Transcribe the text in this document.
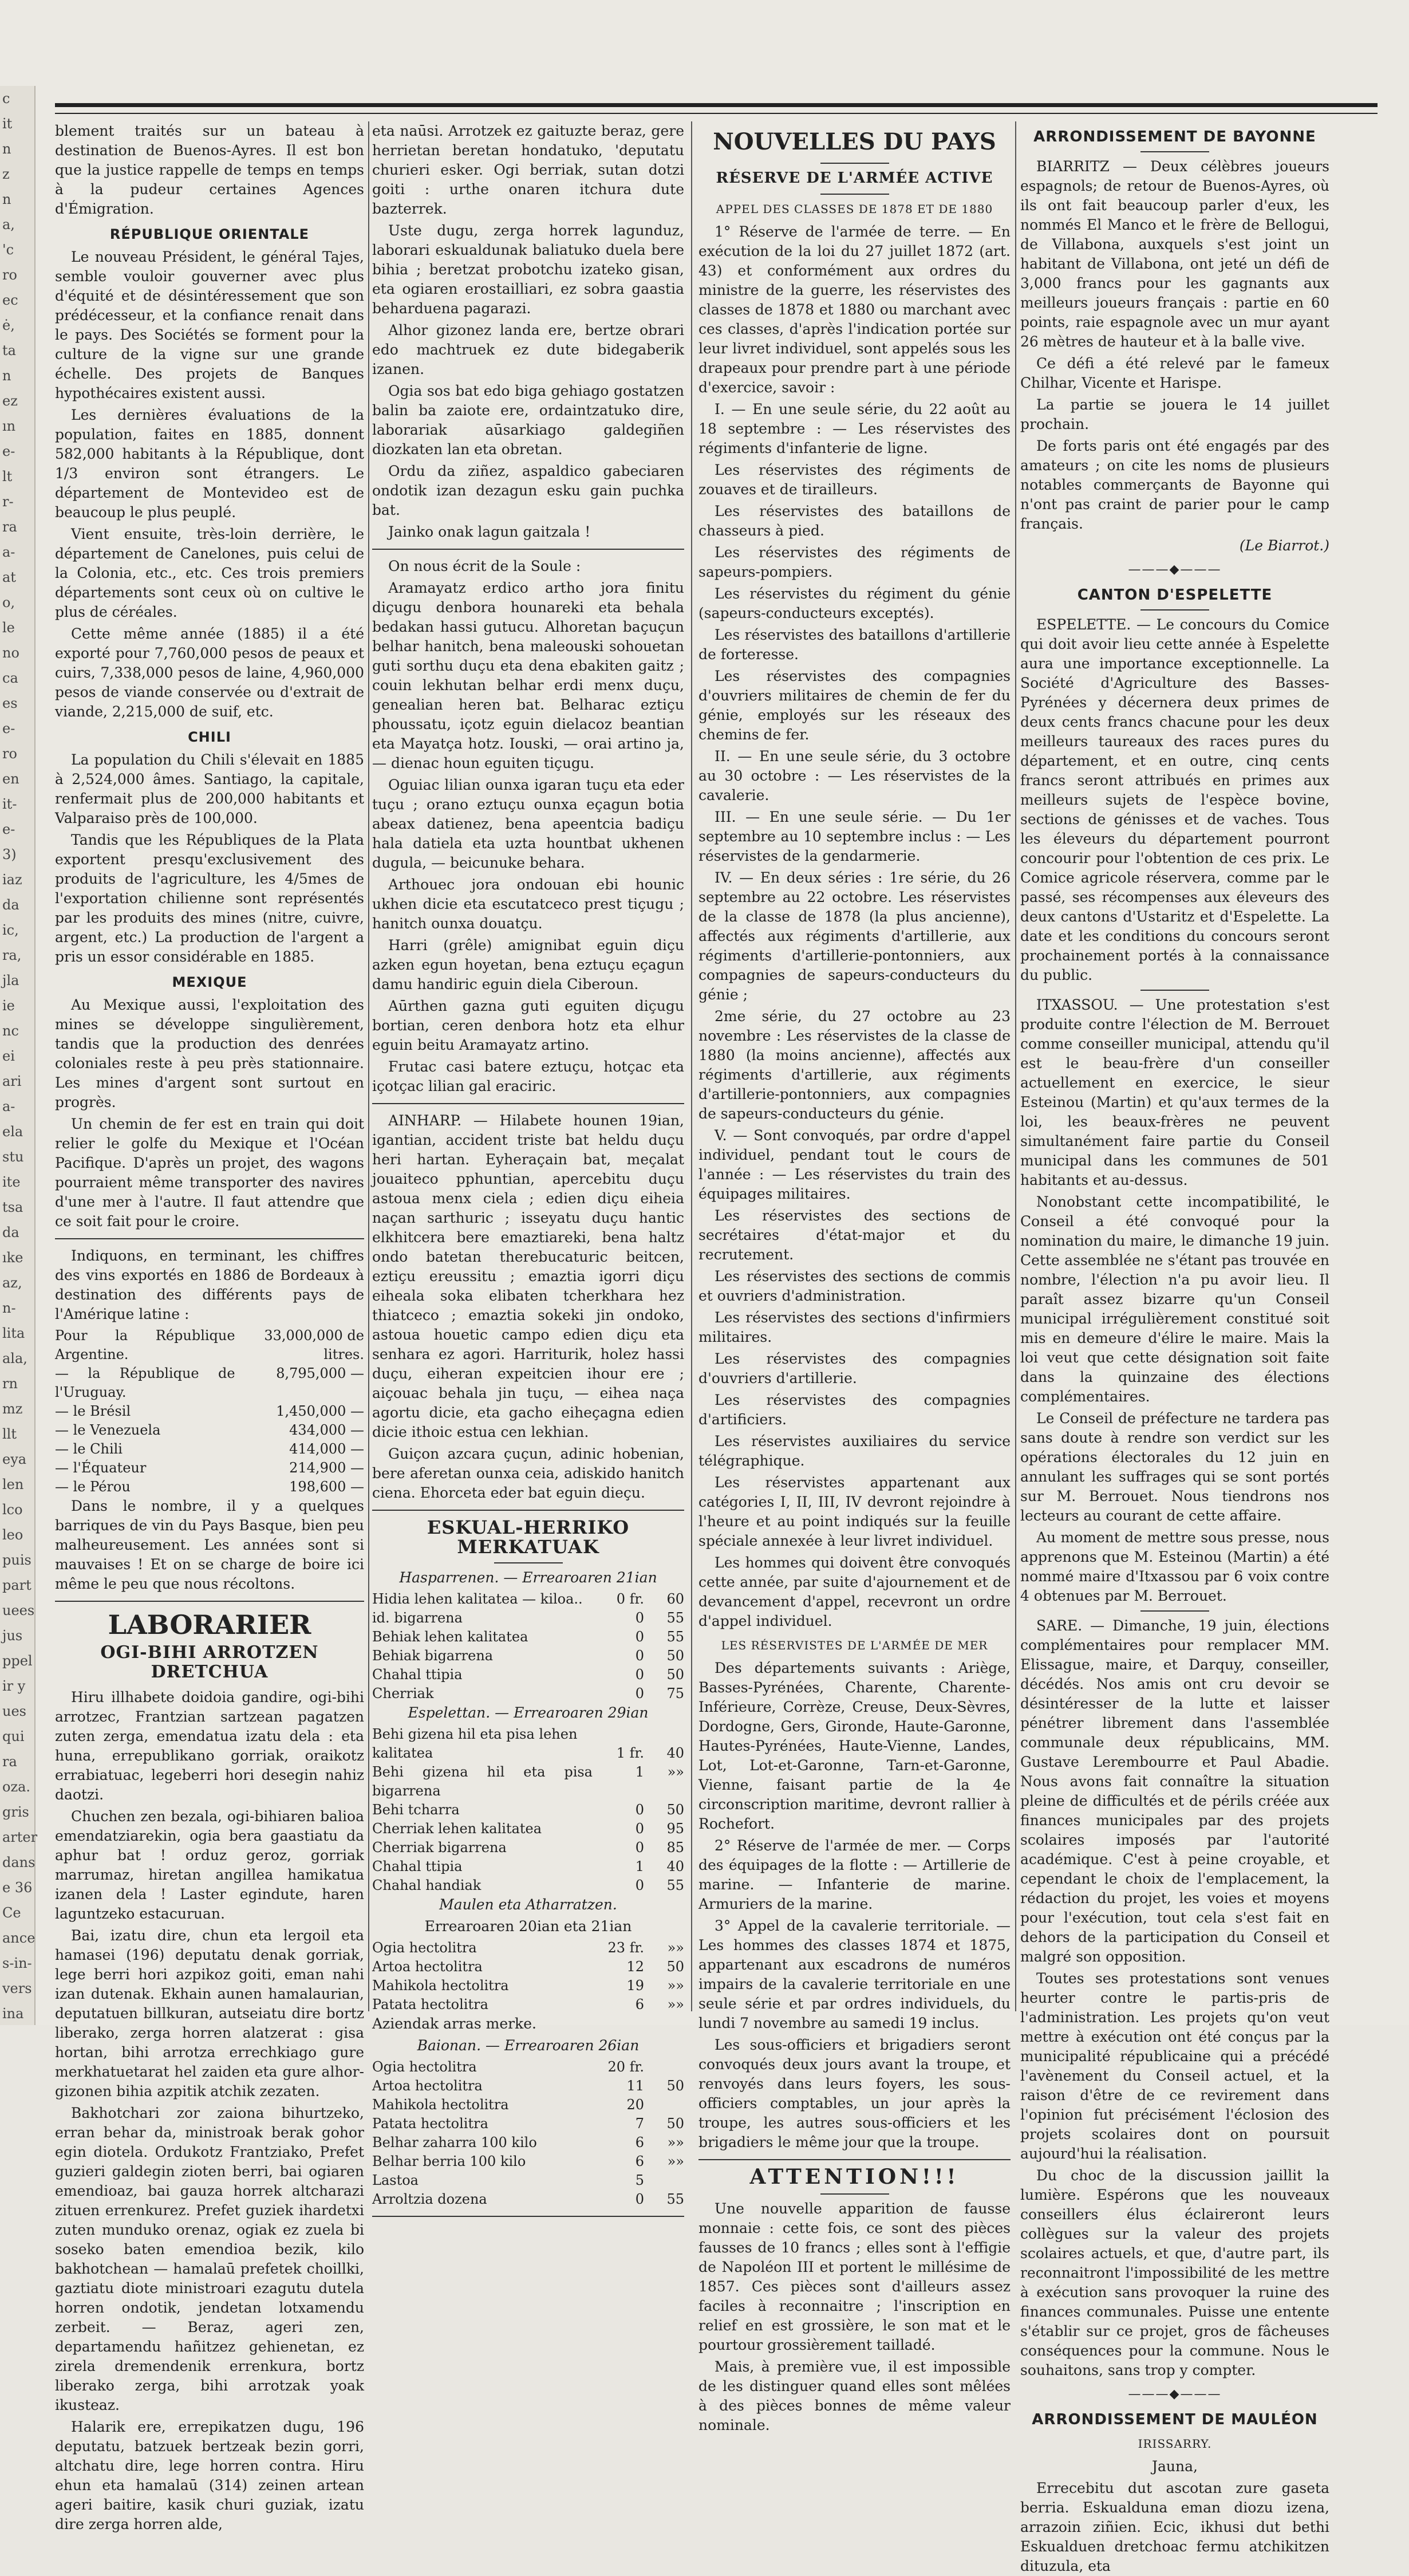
c
it
n
z
n
a,
'c
ro
ec
ė,
ta
n
ez
ın
e-
lt
r-
ra
a-
at
o,
le
no
ca
es
e-
ro
en
it-
e-
3)
iaz
da
ic,
ra,
jla
ie
nc
ei
ari
a-
ela
stu
ite
tsa
da
ıke
az,
n-
lita
ala,
rn
mz
llt
eya
len
lco
leo
puis
part
uees
jus
ppel
ir y
ues
qui
ra
oza.
gris
arter
dans
e 36
Ce
ance
s-in-
vers
ina

blement traités sur un bateau à destination de Buenos-Ayres. Il est bon que la justice rappelle de temps en temps à la pudeur certaines Agences d'Émigration.

RÉPUBLIQUE ORIENTALE

Le nouveau Président, le général Tajes, semble vouloir gouverner avec plus d'équité et de désintéressement que son prédécesseur, et la confiance renait dans le pays. Des Sociétés se forment pour la culture de la vigne sur une grande échelle. Des projets de Banques hypothécaires existent aussi.

Les dernières évaluations de la population, faites en 1885, donnent 582,000 habitants à la République, dont 1/3 environ sont étrangers. Le département de Montevideo est de beaucoup le plus peuplé.

Vient ensuite, très-loin derrière, le département de Canelones, puis celui de la Colonia, etc., etc. Ces trois premiers départements sont ceux où on cultive le plus de céréales.

Cette même année (1885) il a été exporté pour 7,760,000 pesos de peaux et cuirs, 7,338,000 pesos de laine, 4,960,000 pesos de viande conservée ou d'extrait de viande, 2,215,000 de suif, etc.

CHILI

La population du Chili s'élevait en 1885 à 2,524,000 âmes. Santiago, la capitale, renfermait plus de 200,000 habitants et Valparaiso près de 100,000.

Tandis que les Républiques de la Plata exportent presqu'exclusivement des produits de l'agriculture, les 4/5mes de l'exportation chilienne sont représentés par les produits des mines (nitre, cuivre, argent, etc.) La production de l'argent a pris un essor considérable en 1885.

MEXIQUE

Au Mexique aussi, l'exploitation des mines se développe singulièrement, tandis que la production des denrées coloniales reste à peu près stationnaire. Les mines d'argent sont surtout en progrès.

Un chemin de fer est en train qui doit relier le golfe du Mexique et l'Océan Pacifique. D'après un projet, des wagons pourraient même transporter des navires d'une mer à l'autre. Il faut attendre que ce soit fait pour le croire.

Indiquons, en terminant, les chiffres des vins exportés en 1886 de Bordeaux à destination des différents pays de l'Amérique latine :

Pour la République Argentine.	33,000,000 de litres.
— la République de l'Uruguay.	8,795,000 —
— le Brésil	1,450,000 —
— le Venezuela	434,000 —
— le Chili	414,000 —
— l'Équateur	214,900 —
— le Pérou	198,600 —

Dans le nombre, il y a quelques barriques de vin du Pays Basque, bien peu malheureusement. Les années sont si mauvaises ! Et on se charge de boire ici même le peu que nous récoltons.

LABORARIER
OGI-BIHI ARROTZEN DRETCHUA

Hiru illhabete doidoia gandire, ogi-bihi arrotzec, Frantzian sartzean pagatzen zuten zerga, emendatua izatu dela : eta huna, errepublikano gorriak, oraikotz errabiatuac, legeberri hori desegin nahiz daotzi.

Chuchen zen bezala, ogi-bihiaren balioa emendatziarekin, ogia bera gaastiatu da aphur bat ! orduz geroz, gorriak marrumaz, hiretan angillea hamikatua izanen dela ! Laster egindute, haren laguntzeko estacuruan.

Bai, izatu dire, chun eta lergoil eta hamasei (196) deputatu denak gorriak, lege berri hori azpikoz goiti, eman nahi izan dutenak. Ekhain aunen hamalaurian, deputatuen billkuran, autseiatu dire bortz liberako, zerga horren alatzerat : gisa hortan, bihi arrotza errechkiago gure merkhatuetarat hel zaiden eta gure alhor-gizonen bihia azpitik atchik zezaten.

Bakhotchari zor zaiona bihurtzeko, erran behar da, ministroak berak gohor egin diotela. Ordukotz Frantziako, Prefet guzieri galdegin zioten berri, bai ogiaren emendioaz, bai gauza horrek altcharazi zituen errenkurez. Prefet guziek ihardetxi zuten munduko orenaz, ogiak ez zuela bi soseko baten emendioa bezik, kilo bakhotchean — hamalaū prefetek choillki, gaztiatu diote ministroari ezagutu dutela horren ondotik, jendetan lotxamendu zerbeit. — Beraz, ageri zen, departamendu hañitzez gehienetan, ez zirela dremendenik errenkura, bortz liberako zerga, bihi arrotzak yoak ikusteaz.

Halarik ere, errepikatzen dugu, 196 deputatu, batzuek bertzeak bezin gorri, altchatu dire, lege horren contra. Hiru ehun eta hamalaū (314) zeinen artean ageri baitire, kasik churi guziak, izatu dire zerga horren alde,

eta naūsi. Arrotzek ez gaituzte beraz, gere herrietan beretan hondatuko, 'deputatu churieri esker. Ogi berriak, sutan dotzi goiti : urthe onaren itchura dute bazterrek.

Uste dugu, zerga horrek lagunduz, laborari eskualdunak baliatuko duela bere bihia ; beretzat probotchu izateko gisan, eta ogiaren erostailliari, ez sobra gaastia beharduena pagarazi.

Alhor gizonez landa ere, bertze obrari edo machtruek ez dute bidegaberik izanen.

Ogia sos bat edo biga gehiago gostatzen balin ba zaiote ere, ordaintzatuko dire, laborariak aūsarkiago galdegiñen diozkaten lan eta obretan.

Ordu da ziñez, aspaldico gabeciaren ondotik izan dezagun esku gain puchka bat.

Jainko onak lagun gaitzala !

On nous écrit de la Soule :

Aramayatz erdico artho jora finitu diçugu denbora hounareki eta behala bedakan hassi gutucu. Alhoretan baçuçun belhar hanitch, bena maleouski sohouetan guti sorthu duçu eta dena ebakiten gaitz ; couin lekhutan belhar erdi menx duçu, genealian heren bat. Belharac eztiçu phoussatu, içotz eguin dielacoz beantian eta Mayatça hotz. Iouski, — orai artino ja, — dienac houn eguiten tiçugu.

Oguiac lilian ounxa igaran tuçu eta eder tuçu ; orano eztuçu ounxa eçagun botia abeax datienez, bena apeentcia badiçu hala datiela eta uzta hountbat ukhenen dugula, — beicunuke behara.

Arthouec jora ondouan ebi hounic ukhen dicie eta escutatceco prest tiçugu ; hanitch ounxa douatçu.

Harri (grêle) amignibat eguin diçu azken egun hoyetan, bena eztuçu eçagun damu handiric eguin diela Ciberoun.

Aūrthen gazna guti eguiten diçugu bortian, ceren denbora hotz eta elhur eguin beitu Aramayatz artino.

Frutac casi batere eztuçu, hotçac eta içotçac lilian gal eraciric.

AINHARP. — Hilabete hounen 19ian, igantian, accident triste bat heldu duçu heri hartan. Eyheraçain bat, meçalat jouaiteco pphuntian, apercebitu duçu astoua menx ciela ; edien diçu eiheia naçan sarthuric ; isseyatu duçu hantic elkhitcera bere emaztiareki, bena haltz ondo batetan therebucaturic beitcen, eztiçu ereussitu ; emaztia igorri diçu eiheala soka elibaten tcherkhara hez thiatceco ; emaztia sokeki jin ondoko, astoua houetic campo edien diçu eta senhara ez agori. Harriturik, holez hassi duçu, eiheran expeitcien ihour ere ; aiçouac behala jin tuçu, — eihea naça agortu dicie, eta gacho eiheçagna edien dicie ithoic estua cen lekhian.

Guiçon azcara çuçun, adinic hobenian, bere aferetan ounxa ceia, adiskido hanitch ciena. Ehorceta eder bat eguin dieçu.

ESKUAL-HERRIKO MERKATUAK

Hasparrenen. — Errearoaren 21ian

Hidia lehen kalitatea — kiloa..	0 fr.	60
id. bigarrena	0	55
Behiak lehen kalitatea	0	55
Behiak bigarrena	0	50
Chahal ttipia	0	50
Cherriak	0	75

Espelettan. — Errearoaren 29ian

Behi gizena hil eta pisa lehen		
kalitatea	1 fr.	40
Behi gizena hil eta pisa bigarrena	1	»»
Behi tcharra	0	50
Cherriak lehen kalitatea	0	95
Cherriak bigarrena	0	85
Chahal ttipia	1	40
Chahal handiak	0	55

Maulen eta Atharratzen.

Errearoaren 20ian eta 21ian

Ogia hectolitra	23 fr.	»»
Artoa hectolitra	12	50
Mahikola hectolitra	19	»»
Patata hectolitra	6	»»

Aziendak arras merke.

Baionan. — Errearoaren 26ian

Ogia hectolitra	20 fr.	
Artoa hectolitra	11	50
Mahikola hectolitra	20	
Patata hectolitra	7	50
Belhar zaharra 100 kilo	6	»»
Belhar berria 100 kilo	6	»»
Lastoa	5	
Arroltzia dozena	0	55
NOUVELLES DU PAYS
RÉSERVE DE L'ARMÉE ACTIVE
APPEL DES CLASSES DE 1878 ET DE 1880

1° Réserve de l'armée de terre. — En exécution de la loi du 27 juillet 1872 (art. 43) et conformément aux ordres du ministre de la guerre, les réservistes des classes de 1878 et 1880 ou marchant avec ces classes, d'après l'indication portée sur leur livret individuel, sont appelés sous les drapeaux pour prendre part à une période d'exercice, savoir :

I. — En une seule série, du 22 août au 18 septembre : — Les réservistes des régiments d'infanterie de ligne.

Les réservistes des régiments de zouaves et de tirailleurs.

Les réservistes des bataillons de chasseurs à pied.

Les réservistes des régiments de sapeurs-pompiers.

Les réservistes du régiment du génie (sapeurs-conducteurs exceptés).

Les réservistes des bataillons d'artillerie de forteresse.

Les réservistes des compagnies d'ouvriers militaires de chemin de fer du génie, employés sur les réseaux des chemins de fer.

II. — En une seule série, du 3 octobre au 30 octobre : — Les réservistes de la cavalerie.

III. — En une seule série. — Du 1er septembre au 10 septembre inclus : — Les réservistes de la gendarmerie.

IV. — En deux séries : 1re série, du 26 septembre au 22 octobre. Les réservistes de la classe de 1878 (la plus ancienne), affectés aux régiments d'artillerie, aux régiments d'artillerie-pontonniers, aux compagnies de sapeurs-conducteurs du génie ;

2me série, du 27 octobre au 23 novembre : Les réservistes de la classe de 1880 (la moins ancienne), affectés aux régiments d'artillerie, aux régiments d'artillerie-pontonniers, aux compagnies de sapeurs-conducteurs du génie.

V. — Sont convoqués, par ordre d'appel individuel, pendant tout le cours de l'année : — Les réservistes du train des équipages militaires.

Les réservistes des sections de secrétaires d'état-major et du recrutement.

Les réservistes des sections de commis et ouvriers d'administration.

Les réservistes des sections d'infirmiers militaires.

Les réservistes des compagnies d'ouvriers d'artillerie.

Les réservistes des compagnies d'artificiers.

Les réservistes auxiliaires du service télégraphique.

Les réservistes appartenant aux catégories I, II, III, IV devront rejoindre à l'heure et au point indiqués sur la feuille spéciale annexée à leur livret individuel.

Les hommes qui doivent être convoqués cette année, par suite d'ajournement et de devancement d'appel, recevront un ordre d'appel individuel.

LES RÉSERVISTES DE L'ARMÉE DE MER

Des départements suivants : Ariège, Basses-Pyrénées, Charente, Charente-Inférieure, Corrèze, Creuse, Deux-Sèvres, Dordogne, Gers, Gironde, Haute-Garonne, Hautes-Pyrénées, Haute-Vienne, Landes, Lot, Lot-et-Garonne, Tarn-et-Garonne, Vienne, faisant partie de la 4e circonscription maritime, devront rallier à Rochefort.

2° Réserve de l'armée de mer. — Corps des équipages de la flotte : — Artillerie de marine. — Infanterie de marine. Armuriers de la marine.

3° Appel de la cavalerie territoriale. — Les hommes des classes 1874 et 1875, appartenant aux escadrons de numéros impairs de la cavalerie territoriale en une seule série et par ordres individuels, du lundi 7 novembre au samedi 19 inclus.

Les sous-officiers et brigadiers seront convoqués deux jours avant la troupe, et renvoyés dans leurs foyers, les sous-officiers comptables, un jour après la troupe, les autres sous-officiers et les brigadiers le même jour que la troupe.

ATTENTION!!!

Une nouvelle apparition de fausse monnaie : cette fois, ce sont des pièces fausses de 10 francs ; elles sont à l'effigie de Napoléon III et portent le millésime de 1857. Ces pièces sont d'ailleurs assez faciles à reconnaitre ; l'inscription en relief en est grossière, le son mat et le pourtour grossièrement tailladé.

Mais, à première vue, il est impossible de les distinguer quand elles sont mêlées à des pièces bonnes de même valeur nominale.

ARRONDISSEMENT DE BAYONNE

BIARRITZ — Deux célèbres joueurs espagnols; de retour de Buenos-Ayres, où ils ont fait beaucoup parler d'eux, les nommés El Manco et le frère de Bellogui, de Villabona, auxquels s'est joint un habitant de Villabona, ont jeté un défi de 3,000 francs pour les gagnants aux meilleurs joueurs français : partie en 60 points, raie espagnole avec un mur ayant 26 mètres de hauteur et à la balle vive.

Ce défi a été relevé par le fameux Chilhar, Vicente et Harispe.

La partie se jouera le 14 juillet prochain.

De forts paris ont été engagés par des amateurs ; on cite les noms de plusieurs notables commerçants de Bayonne qui n'ont pas craint de parier pour le camp français.

(Le Biarrot.)

———◆———
CANTON D'ESPELETTE

ESPELETTE. — Le concours du Comice qui doit avoir lieu cette année à Espelette aura une importance exceptionnelle. La Société d'Agriculture des Basses-Pyrénées y décernera deux primes de deux cents francs chacune pour les deux meilleurs taureaux des races pures du département, et en outre, cinq cents francs seront attribués en primes aux meilleurs sujets de l'espèce bovine, sections de génisses et de vaches. Tous les éleveurs du département pourront concourir pour l'obtention de ces prix. Le Comice agricole réservera, comme par le passé, ses récompenses aux éleveurs des deux cantons d'Ustaritz et d'Espelette. La date et les conditions du concours seront prochainement portés à la connaissance du public.

ITXASSOU. — Une protestation s'est produite contre l'élection de M. Berrouet comme conseiller municipal, attendu qu'il est le beau-frère d'un conseiller actuellement en exercice, le sieur Esteinou (Martin) et qu'aux termes de la loi, les beaux-frères ne peuvent simultanément faire partie du Conseil municipal dans les communes de 501 habitants et au-dessus.

Nonobstant cette incompatibilité, le Conseil a été convoqué pour la nomination du maire, le dimanche 19 juin. Cette assemblée ne s'étant pas trouvée en nombre, l'élection n'a pu avoir lieu. Il paraît assez bizarre qu'un Conseil municipal irrégulièrement constitué soit mis en demeure d'élire le maire. Mais la loi veut que cette désignation soit faite dans la quinzaine des élections complémentaires.

Le Conseil de préfecture ne tardera pas sans doute à rendre son verdict sur les opérations électorales du 12 juin en annulant les suffrages qui se sont portés sur M. Berrouet. Nous tiendrons nos lecteurs au courant de cette affaire.

Au moment de mettre sous presse, nous apprenons que M. Esteinou (Martin) a été nommé maire d'Itxassou par 6 voix contre 4 obtenues par M. Berrouet.

SARE. — Dimanche, 19 juin, élections complémentaires pour remplacer MM. Elissague, maire, et Darquy, conseiller, décédés. Nos amis ont cru devoir se désintéresser de la lutte et laisser pénétrer librement dans l'assemblée communale deux républicains, MM. Gustave Lerembourre et Paul Abadie. Nous avons fait connaître la situation pleine de difficultés et de périls créée aux finances municipales par des projets scolaires imposés par l'autorité académique. C'est à peine croyable, et cependant le choix de l'emplacement, la rédaction du projet, les voies et moyens pour l'exécution, tout cela s'est fait en dehors de la participation du Conseil et malgré son opposition.

Toutes ses protestations sont venues heurter contre le partis-pris de l'administration. Les projets qu'on veut mettre à exécution ont été conçus par la municipalité républicaine qui a précédé l'avènement du Conseil actuel, et la raison d'être de ce revirement dans l'opinion fut précisément l'éclosion des projets scolaires dont on poursuit aujourd'hui la réalisation.

Du choc de la discussion jaillit la lumière. Espérons que les nouveaux conseillers élus éclaireront leurs collègues sur la valeur des projets scolaires actuels, et que, d'autre part, ils reconnaitront l'impossibilité de les mettre à exécution sans provoquer la ruine des finances communales. Puisse une entente s'établir sur ce projet, gros de fâcheuses conséquences pour la commune. Nous le souhaitons, sans trop y compter.

———◆———
ARRONDISSEMENT DE MAULÉON
IRISSARRY.

Jauna,

Errecebitu dut ascotan zure gaseta berria. Eskualduna eman diozu izena, arrazoin ziñien. Ecic, ikhusi dut bethi Eskualduen dretchoac fermu atchikitzen dituzula, eta
